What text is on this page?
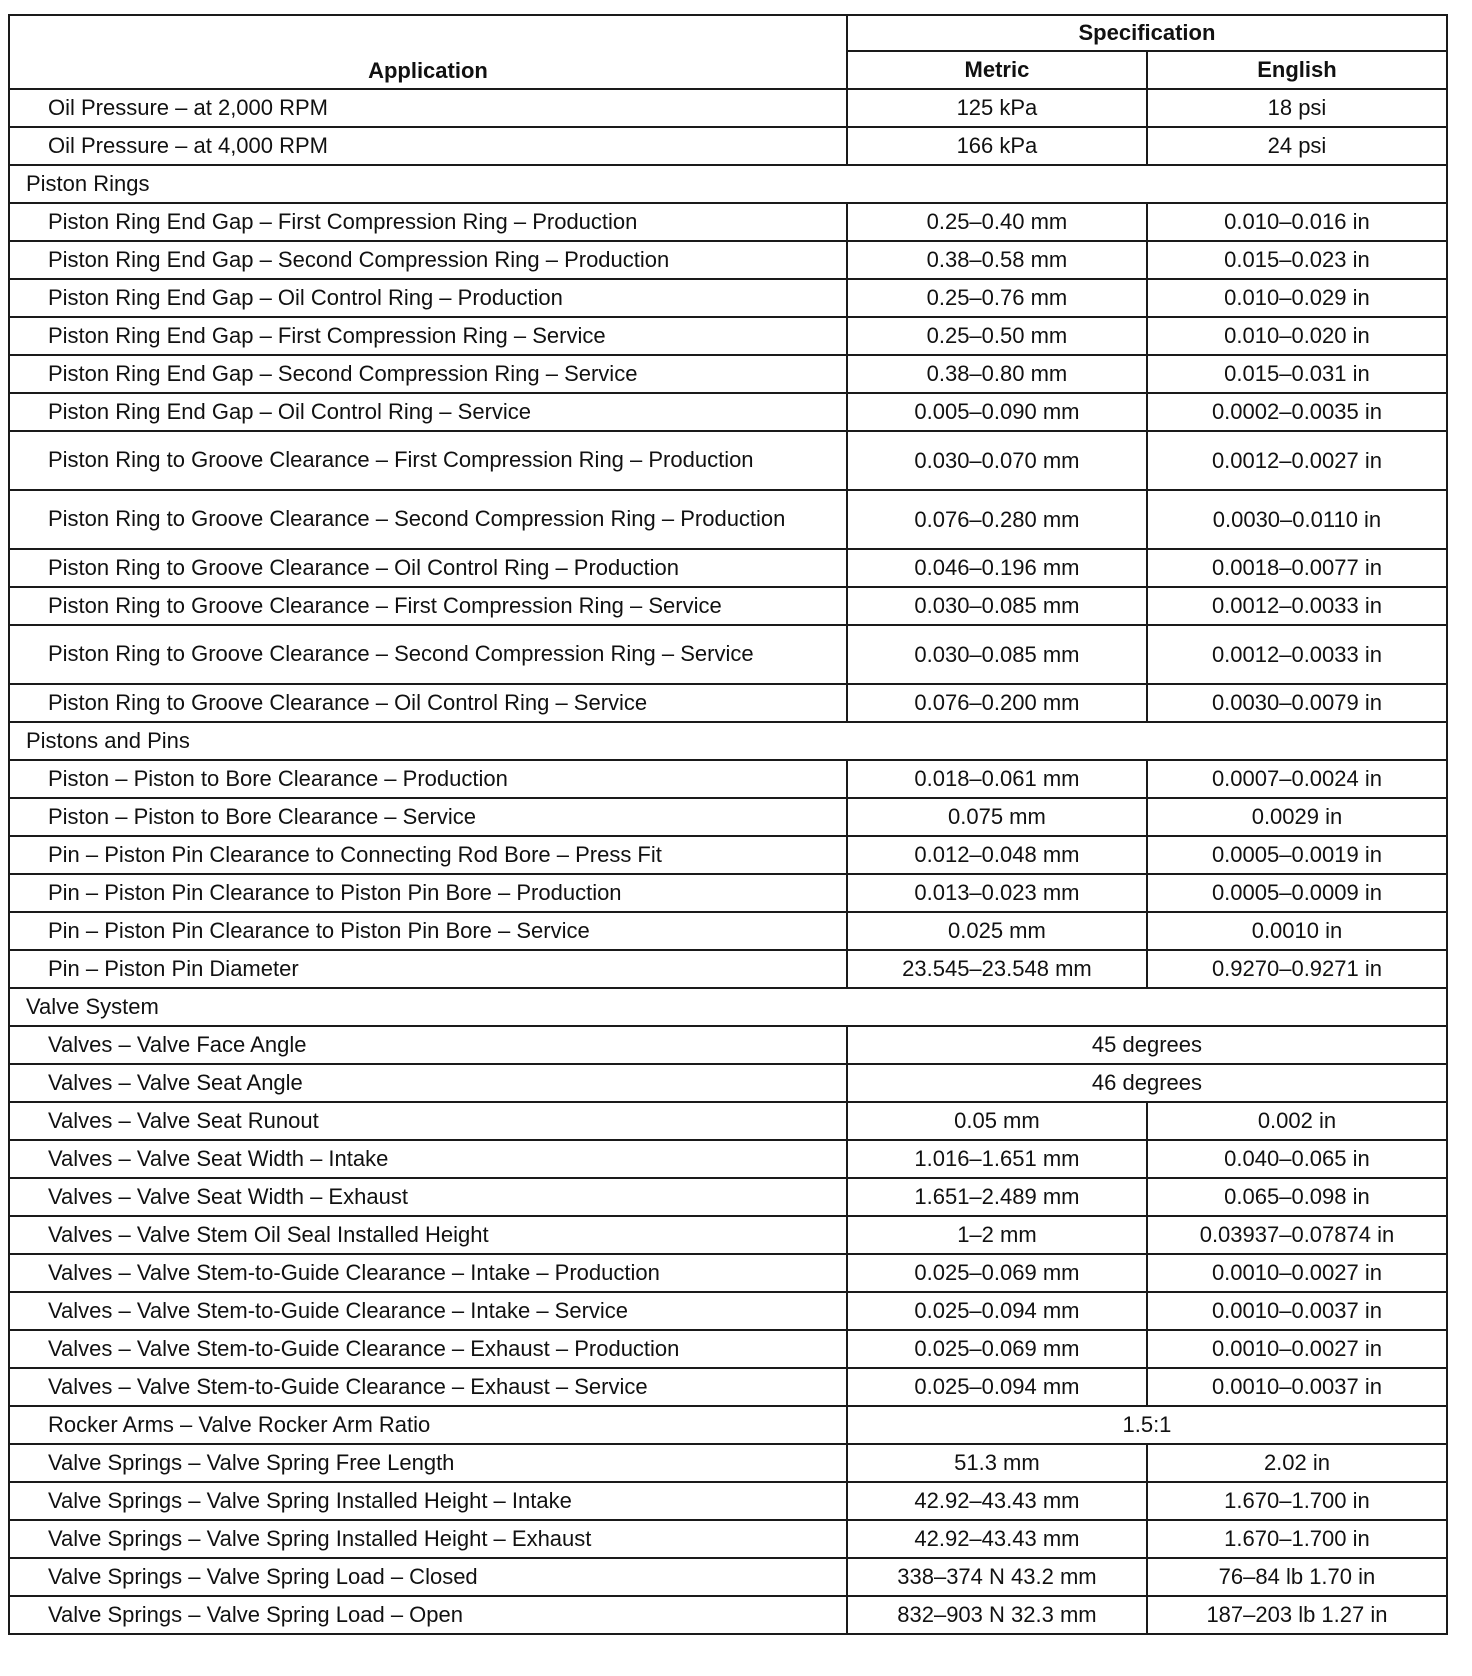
Application	Specification	
	Metric	English
Oil Pressure – at 2,000 RPM	125 kPa	18 psi
Oil Pressure – at 4,000 RPM	166 kPa	24 psi
Piston Rings		
Piston Ring End Gap – First Compression Ring – Production	0.25–0.40 mm	0.010–0.016 in
Piston Ring End Gap – Second Compression Ring – Production	0.38–0.58 mm	0.015–0.023 in
Piston Ring End Gap – Oil Control Ring – Production	0.25–0.76 mm	0.010–0.029 in
Piston Ring End Gap – First Compression Ring – Service	0.25–0.50 mm	0.010–0.020 in
Piston Ring End Gap – Second Compression Ring – Service	0.38–0.80 mm	0.015–0.031 in
Piston Ring End Gap – Oil Control Ring – Service	0.005–0.090 mm	0.0002–0.0035 in
Piston Ring to Groove Clearance – First Compression Ring – Production	0.030–0.070 mm	0.0012–0.0027 in
Piston Ring to Groove Clearance – Second Compression Ring – Production	0.076–0.280 mm	0.0030–0.0110 in
Piston Ring to Groove Clearance – Oil Control Ring – Production	0.046–0.196 mm	0.0018–0.0077 in
Piston Ring to Groove Clearance – First Compression Ring – Service	0.030–0.085 mm	0.0012–0.0033 in
Piston Ring to Groove Clearance – Second Compression Ring – Service	0.030–0.085 mm	0.0012–0.0033 in
Piston Ring to Groove Clearance – Oil Control Ring – Service	0.076–0.200 mm	0.0030–0.0079 in
Pistons and Pins		
Piston – Piston to Bore Clearance – Production	0.018–0.061 mm	0.0007–0.0024 in
Piston – Piston to Bore Clearance – Service	0.075 mm	0.0029 in
Pin – Piston Pin Clearance to Connecting Rod Bore – Press Fit	0.012–0.048 mm	0.0005–0.0019 in
Pin – Piston Pin Clearance to Piston Pin Bore – Production	0.013–0.023 mm	0.0005–0.0009 in
Pin – Piston Pin Clearance to Piston Pin Bore – Service	0.025 mm	0.0010 in
Pin – Piston Pin Diameter	23.545–23.548 mm	0.9270–0.9271 in
Valve System		
Valves – Valve Face Angle	45 degrees	
Valves – Valve Seat Angle	46 degrees	
Valves – Valve Seat Runout	0.05 mm	0.002 in
Valves – Valve Seat Width – Intake	1.016–1.651 mm	0.040–0.065 in
Valves – Valve Seat Width – Exhaust	1.651–2.489 mm	0.065–0.098 in
Valves – Valve Stem Oil Seal Installed Height	1–2 mm	0.03937–0.07874 in
Valves – Valve Stem-to-Guide Clearance – Intake – Production	0.025–0.069 mm	0.0010–0.0027 in
Valves – Valve Stem-to-Guide Clearance – Intake – Service	0.025–0.094 mm	0.0010–0.0037 in
Valves – Valve Stem-to-Guide Clearance – Exhaust – Production	0.025–0.069 mm	0.0010–0.0027 in
Valves – Valve Stem-to-Guide Clearance – Exhaust – Service	0.025–0.094 mm	0.0010–0.0037 in
Rocker Arms – Valve Rocker Arm Ratio	1.5:1	
Valve Springs – Valve Spring Free Length	51.3 mm	2.02 in
Valve Springs – Valve Spring Installed Height – Intake	42.92–43.43 mm	1.670–1.700 in
Valve Springs – Valve Spring Installed Height – Exhaust	42.92–43.43 mm	1.670–1.700 in
Valve Springs – Valve Spring Load – Closed	338–374 N 43.2 mm	76–84 lb 1.70 in
Valve Springs – Valve Spring Load – Open	832–903 N 32.3 mm	187–203 lb 1.27 in
